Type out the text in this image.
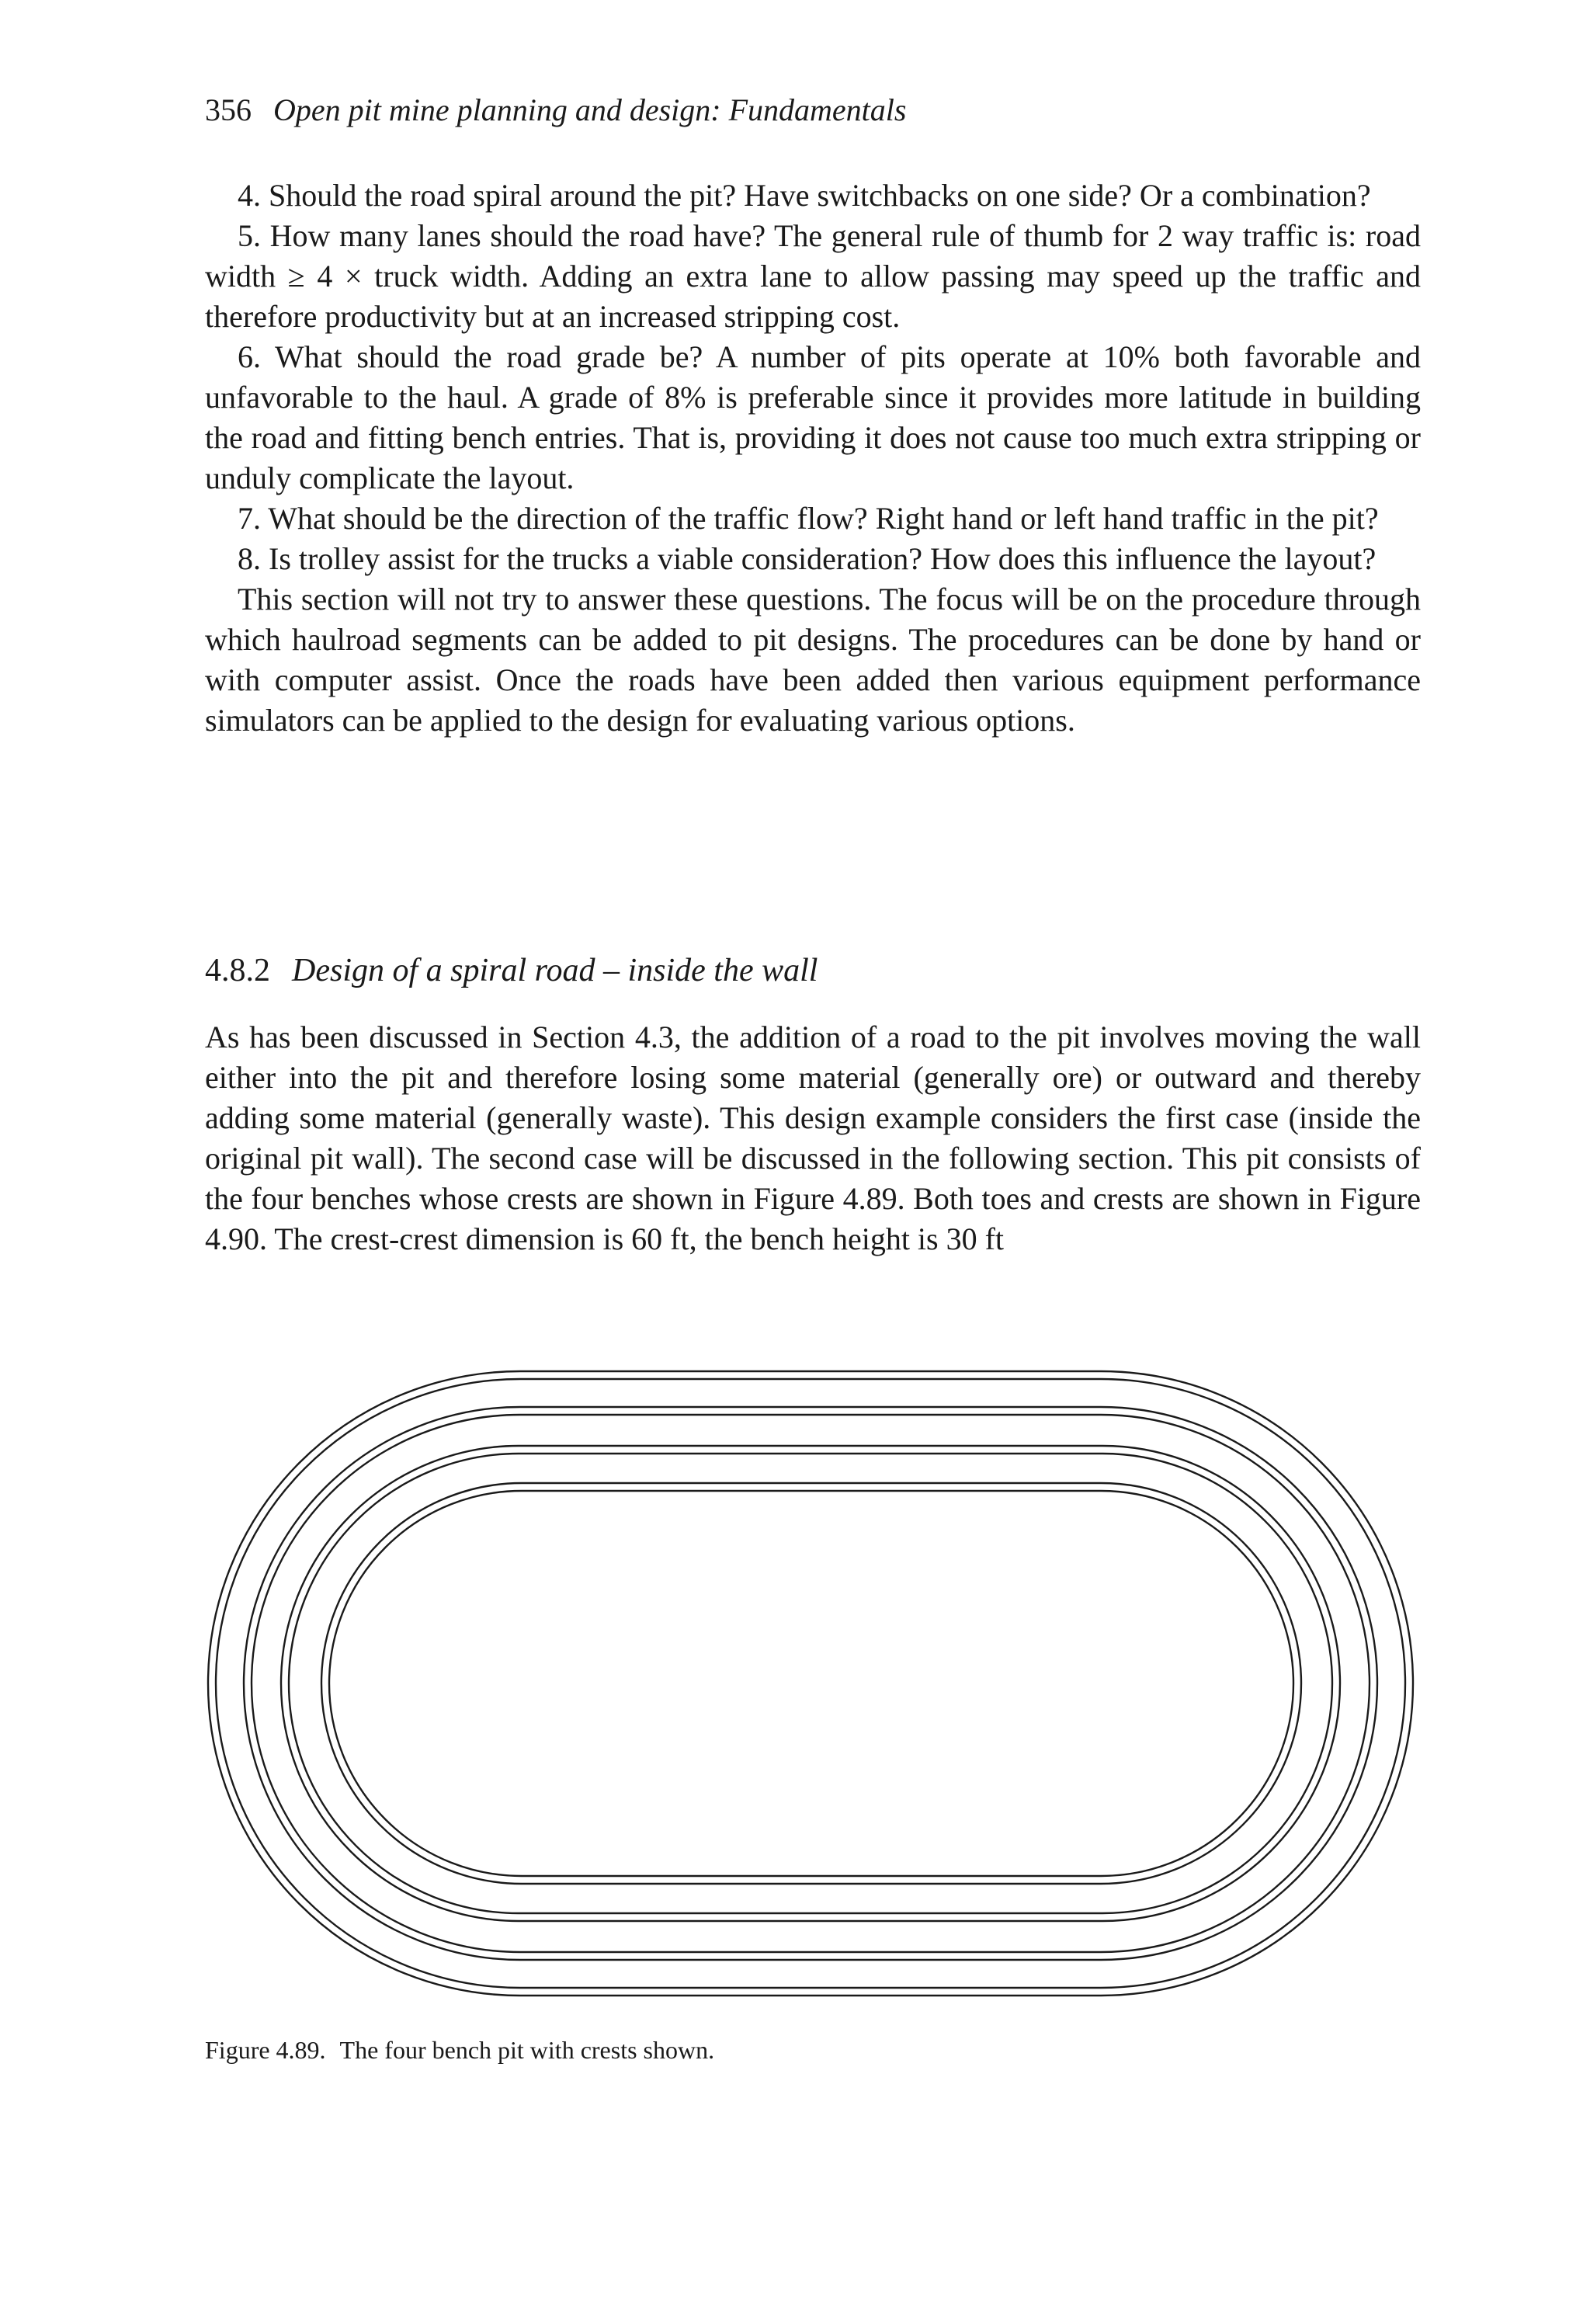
356 Open pit mine planning and design: Fundamentals

4. Should the road spiral around the pit? Have switchbacks on one side? Or a combination?

5. How many lanes should the road have? The general rule of thumb for 2 way traffic is: road width ≥ 4 × truck width. Adding an extra lane to allow passing may speed up the traffic and therefore productivity but at an increased stripping cost.

6. What should the road grade be? A number of pits operate at 10% both favorable and unfavorable to the haul. A grade of 8% is preferable since it provides more latitude in building the road and fitting bench entries. That is, providing it does not cause too much extra stripping or unduly complicate the layout.

7. What should be the direction of the traffic flow? Right hand or left hand traffic in the pit?

8. Is trolley assist for the trucks a viable consideration? How does this influence the layout?

This section will not try to answer these questions. The focus will be on the procedure through which haulroad segments can be added to pit designs. The procedures can be done by hand or with computer assist. Once the roads have been added then various equipment performance simulators can be applied to the design for evaluating various options.

4.8.2 Design of a spiral road – inside the wall

As has been discussed in Section 4.3, the addition of a road to the pit involves moving the wall either into the pit and therefore losing some material (generally ore) or outward and thereby adding some material (generally waste). This design example considers the first case (inside the original pit wall). The second case will be discussed in the following section. This pit consists of the four benches whose crests are shown in Figure 4.89. Both toes and crests are shown in Figure 4.90. The crest-crest dimension is 60 ft, the bench height is 30 ft

Figure 4.89. The four bench pit with crests shown.
